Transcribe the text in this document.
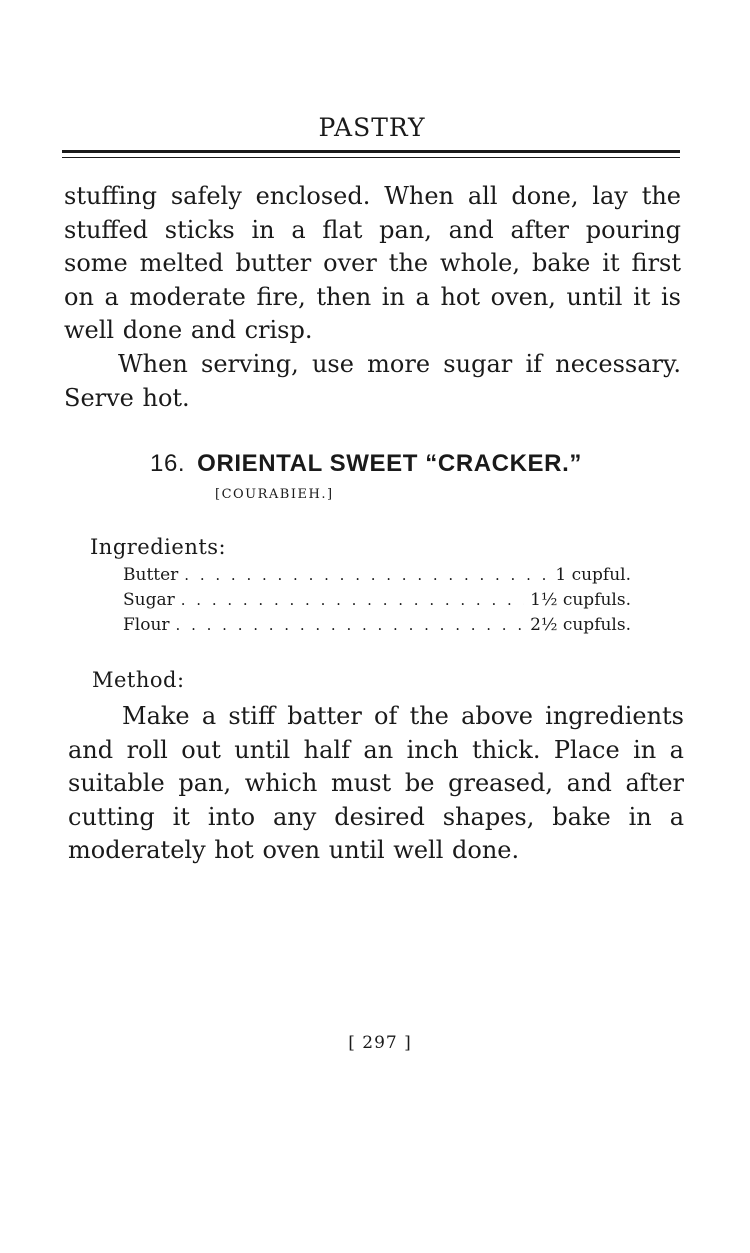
PASTRY
stuffing safely enclosed. When all done, lay the stuffed sticks in a flat pan, and after pouring some melted butter over the whole, bake it first on a moderate fire, then in a hot oven, until it is well done and crisp.
When serving, use more sugar if necessary. Serve hot.
16. ORIENTAL SWEET “CRACKER.”
[COURABIEH.]
Ingredients:
Butter . . .	1 cupful.
Sugar . . .	1½ cupfuls.
Flour . . .	2½ cupfuls.
Method:
Make a stiff batter of the above ingredients and roll out until half an inch thick. Place in a suitable pan, which must be greased, and after cutting it into any desired shapes, bake in a moderately hot oven until well done.
[ 297 ]
